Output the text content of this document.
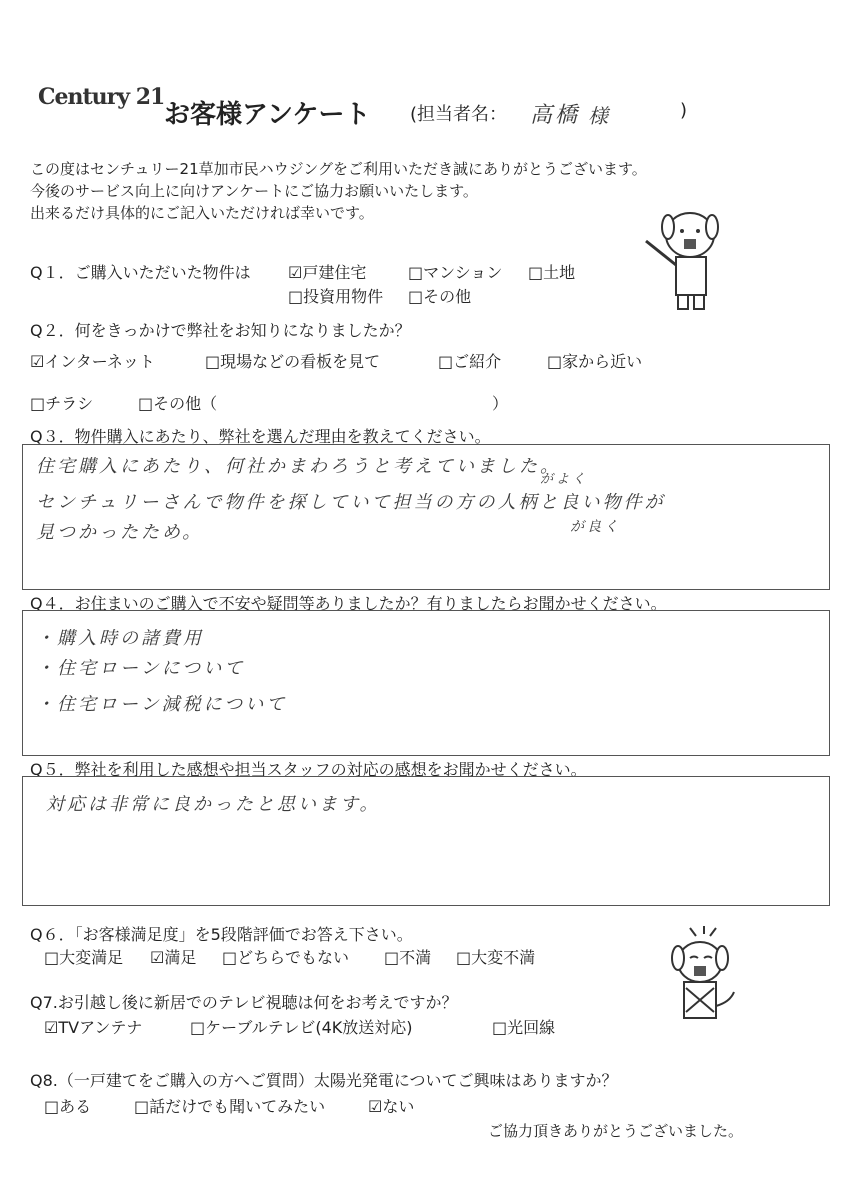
Century 21
お客様アンケート (担当者名： 高橋 様	)
この度はセンチュリー21草加市民ハウジングをご利用いただき誠にありがとうございます。
今後のサービス向上に向けアンケートにご協力お願いいたします。
出来るだけ具体的にご記入いただければ幸いです。
Q１．ご購入いただいた物件は ☑戸建住宅	□マンション □土地
□投資用物件 □その他
Q２．何をきっかけで弊社をお知りになりましたか？
☑インターネット	□現場などの看板を見て	□ご紹介	□家から近い
□チラシ	□その他（	）
Q３．物件購入にあたり、弊社を選んだ理由を教えてください。
住宅購入にあたり、何社かまわろうと考えていました。
がよく
センチュリーさんで物件を探していて担当の方の人柄と良い物件が
見つかったため。	が良く
Q４．お住まいのご購入で不安や疑問等ありましたか？有りましたらお聞かせください。
・購入時の諸費用
・住宅ローンについて
・住宅ローン減税について
Q５．弊社を利用した感想や担当スタッフの対応の感想をお聞かせください。
対応は非常に良かったと思います。
Q６．「お客様満足度」を5段階評価でお答え下さい。
□大変満足 ☑満足 □どちらでもない □不満 □大変不満
Q7.お引越し後に新居でのテレビ視聴は何をお考えですか？
☑TVアンテナ	□ケーブルテレビ(4K放送対応)	□光回線
Q8.（一戸建てをご購入の方へご質問）太陽光発電についてご興味はありますか？
□ある	□話だけでも聞いてみたい	☑ない
ご協力頂きありがとうございました。
